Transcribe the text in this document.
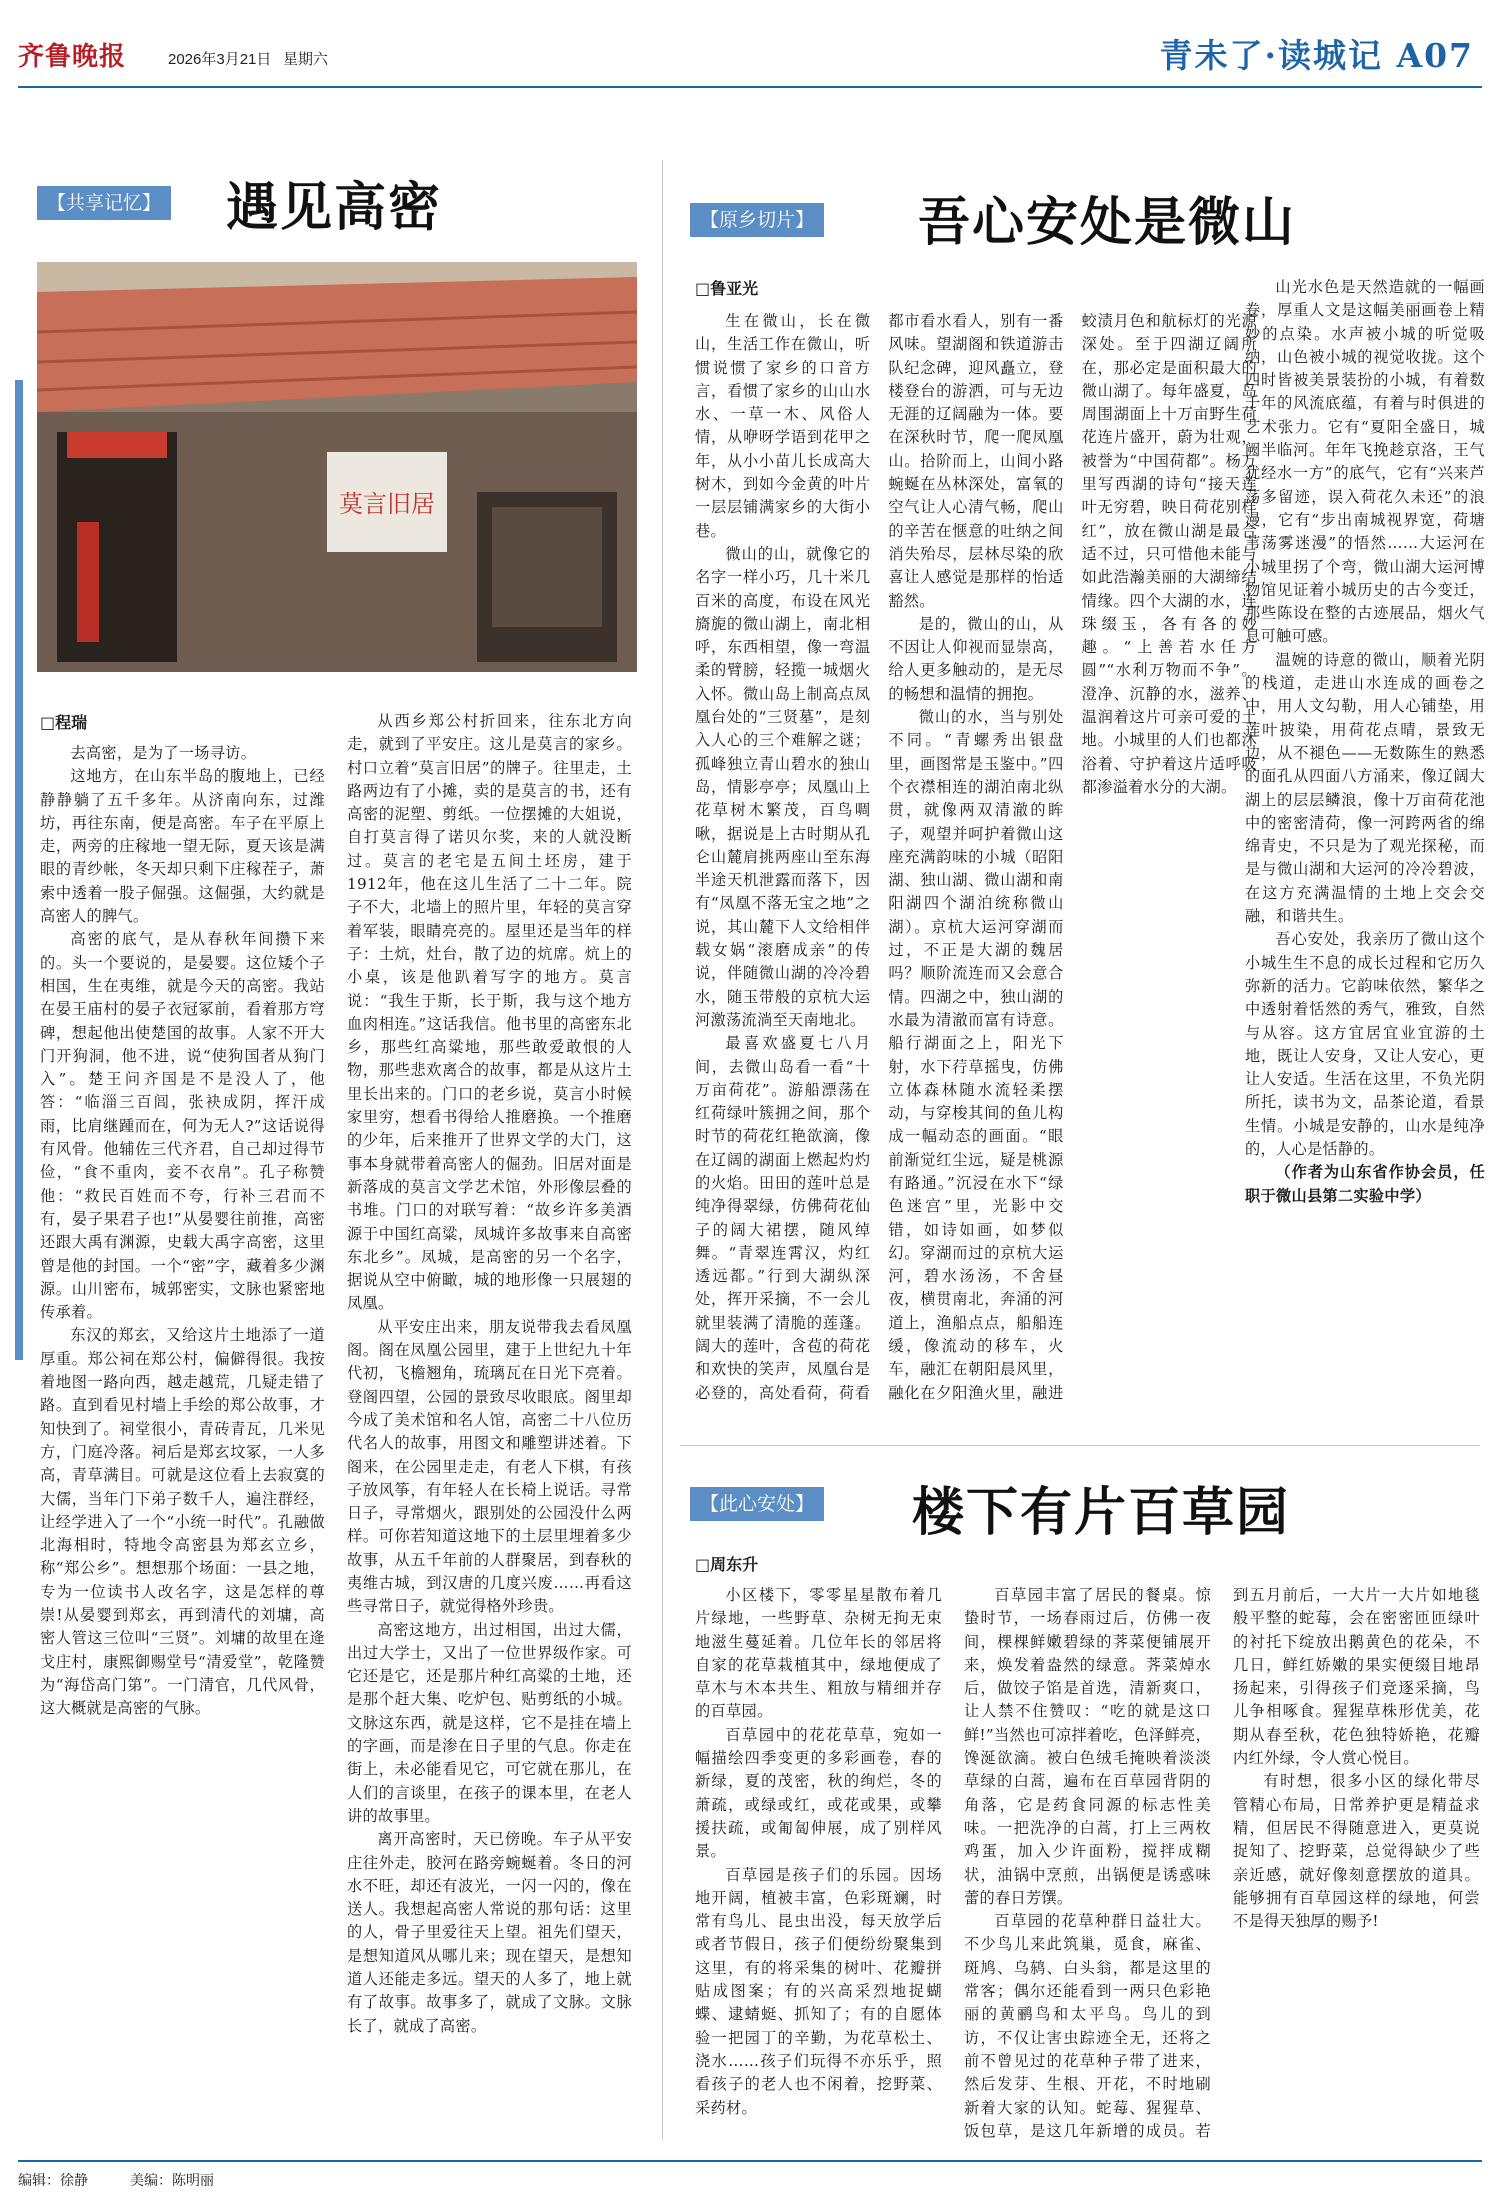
齐鲁晚报	2026年3月21日 星期六	青未了·读城记 A07
【共享记忆】 遇见高密
莫言旧居
□程瑞

去高密，是为了一场寻访。

这地方，在山东半岛的腹地上，已经静静躺了五千多年。从济南向东，过潍坊，再往东南，便是高密。车子在平原上走，两旁的庄稼地一望无际，夏天该是满眼的青纱帐，冬天却只剩下庄稼茬子，萧索中透着一股子倔强。这倔强，大约就是高密人的脾气。

高密的底气，是从春秋年间攒下来的。头一个要说的，是晏婴。这位矮个子相国，生在夷维，就是今天的高密。我站在晏王庙村的晏子衣冠冢前，看着那方穹碑，想起他出使楚国的故事。人家不开大门开狗洞，他不进，说“使狗国者从狗门入”。楚王问齐国是不是没人了，他答：“临淄三百闾，张袂成阴，挥汗成雨，比肩继踵而在，何为无人?”这话说得有风骨。他辅佐三代齐君，自己却过得节俭，“食不重肉，妾不衣帛”。孔子称赞他：“救民百姓而不夸，行补三君而不有，晏子果君子也!”从晏婴往前推，高密还跟大禹有渊源，史载大禹字高密，这里曾是他的封国。一个“密”字，藏着多少渊源。山川密布，城郭密实，文脉也紧密地传承着。

东汉的郑玄，又给这片土地添了一道厚重。郑公祠在郑公村，偏僻得很。我按着地图一路向西，越走越荒，几疑走错了路。直到看见村墙上手绘的郑公故事，才知快到了。祠堂很小，青砖青瓦，几米见方，门庭冷落。祠后是郑玄坟冢，一人多高，青草满目。可就是这位看上去寂寞的大儒，当年门下弟子数千人，遍注群经，让经学进入了一个“小统一时代”。孔融做北海相时，特地令高密县为郑玄立乡，称“郑公乡”。想想那个场面：一县之地，专为一位读书人改名字，这是怎样的尊崇!从晏婴到郑玄，再到清代的刘墉，高密人管这三位叫“三贤”。刘墉的故里在逄戈庄村，康熙御赐堂号“清爱堂”，乾隆赞为“海岱高门第”。一门清官，几代风骨，这大概就是高密的气脉。

从西乡郑公村折回来，往东北方向走，就到了平安庄。这儿是莫言的家乡。村口立着“莫言旧居”的牌子。往里走，土路两边有了小摊，卖的是莫言的书，还有高密的泥塑、剪纸。一位摆摊的大姐说，自打莫言得了诺贝尔奖，来的人就没断过。莫言的老宅是五间土坯房，建于1912年，他在这儿生活了二十二年。院子不大，北墙上的照片里，年轻的莫言穿着军装，眼睛亮亮的。屋里还是当年的样子：土炕，灶台，散了边的炕席。炕上的小桌，该是他趴着写字的地方。莫言说：“我生于斯，长于斯，我与这个地方血肉相连。”这话我信。他书里的高密东北乡，那些红高粱地，那些敢爱敢恨的人物，那些悲欢离合的故事，都是从这片土里长出来的。门口的老乡说，莫言小时候家里穷，想看书得给人推磨换。一个推磨的少年，后来推开了世界文学的大门，这事本身就带着高密人的倔劲。旧居对面是新落成的莫言文学艺术馆，外形像层叠的书堆。门口的对联写着：“故乡许多美酒源于中国红高粱，凤城许多故事来自高密东北乡”。凤城，是高密的另一个名字，据说从空中俯瞰，城的地形像一只展翅的凤凰。

从平安庄出来，朋友说带我去看凤凰阁。阁在凤凰公园里，建于上世纪九十年代初，飞檐翘角，琉璃瓦在日光下亮着。登阁四望，公园的景致尽收眼底。阁里却今成了美术馆和名人馆，高密二十八位历代名人的故事，用图文和雕塑讲述着。下阁来，在公园里走走，有老人下棋，有孩子放风筝，有年轻人在长椅上说话。寻常日子，寻常烟火，跟别处的公园没什么两样。可你若知道这地下的土层里埋着多少故事，从五千年前的人群聚居，到春秋的夷维古城，到汉唐的几度兴废……再看这些寻常日子，就觉得格外珍贵。

高密这地方，出过相国，出过大儒，出过大学士，又出了一位世界级作家。可它还是它，还是那片种红高粱的土地，还是那个赶大集、吃炉包、贴剪纸的小城。文脉这东西，就是这样，它不是挂在墙上的字画，而是渗在日子里的气息。你走在街上，未必能看见它，可它就在那儿，在人们的言谈里，在孩子的课本里，在老人讲的故事里。

离开高密时，天已傍晚。车子从平安庄往外走，胶河在路旁蜿蜒着。冬日的河水不旺，却还有波光，一闪一闪的，像在送人。我想起高密人常说的那句话：这里的人，骨子里爱往天上望。祖先们望天，是想知道风从哪儿来；现在望天，是想知道人还能走多远。望天的人多了，地上就有了故事。故事多了，就成了文脉。文脉长了，就成了高密。

【原乡切片】 吾心安处是微山
□鲁亚光

生在微山，长在微山，生活工作在微山，听惯说惯了家乡的口音方言，看惯了家乡的山山水水、一草一木、风俗人情，从咿呀学语到花甲之年，从小小苗儿长成高大树木，到如今金黄的叶片一层层铺满家乡的大街小巷。

微山的山，就像它的名字一样小巧，几十米几百米的高度，布设在风光旖旎的微山湖上，南北相呼，东西相望，像一弯温柔的臂膀，轻揽一城烟火入怀。微山岛上制高点凤凰台处的“三贤墓”，是刻入人心的三个难解之谜；孤峰独立青山碧水的独山岛，情影亭亭；凤凰山上花草树木繁茂，百鸟啁啾，据说是上古时期从孔仑山麓肩挑两座山至东海半途天机泄露而落下，因有“凤凰不落无宝之地”之说，其山麓下人文给相伴载女娲“滚磨成亲”的传说，伴随微山湖的冷冷碧水，随玉带般的京杭大运河激荡流淌至天南地北。

最喜欢盛夏七八月间，去微山岛看一看“十万亩荷花”。游船漂荡在红荷绿叶簇拥之间，那个时节的荷花红艳欲滴，像在辽阔的湖面上燃起灼灼的火焰。田田的莲叶总是纯净得翠绿，仿佛荷花仙子的阔大裙摆，随风绰舞。“青翠连霄汉，灼红透远都。”行到大湖纵深处，挥开采摘，不一会儿就里装满了清脆的莲蓬。阔大的莲叶，含苞的荷花和欢快的笑声，凤凰台是必登的，高处看荷，荷看都市看水看人，别有一番风味。望湖阁和铁道游击队纪念碑，迎风矗立，登楼登台的游洒，可与无边无涯的辽阔融为一体。要在深秋时节，爬一爬凤凰山。拾阶而上，山间小路蜿蜒在丛林深处，富氧的空气让人心清气畅，爬山的辛苦在惬意的吐纳之间消失殆尽，层林尽染的欣喜让人感觉是那样的怡适豁然。

是的，微山的山，从不因让人仰视而显崇高，给人更多触动的，是无尽的畅想和温情的拥抱。

微山的水，当与别处不同。“青螺秀出银盘里，画图常是玉鉴中。”四个衣襟相连的湖泊南北纵贯，就像两双清澈的眸子，观望并呵护着微山这座充满韵味的小城（昭阳湖、独山湖、微山湖和南阳湖四个湖泊统称微山湖）。京杭大运河穿湖而过，不正是大湖的魏居吗？顺阶流连而又会意合情。四湖之中，独山湖的水最为清澈而富有诗意。船行湖面之上，阳光下射，水下荇草摇曳，仿佛立体森林随水流轻柔摆动，与穿梭其间的鱼儿构成一幅动态的画面。“眼前渐觉红尘远，疑是桃源有路通。”沉浸在水下“绿色迷宫”里，光影中交错，如诗如画，如梦似幻。穿湖而过的京杭大运河，碧水汤汤，不舍昼夜，横贯南北，奔涌的河道上，渔船点点，船船连缓，像流动的移车，火车，融汇在朝阳晨风里，融化在夕阳渔火里，融进蛟渍月色和航标灯的光源深处。至于四湖辽阔所在，那必定是面积最大的微山湖了。每年盛夏，岛周围湖面上十万亩野生荷花连片盛开，蔚为壮观，被誉为“中国荷都”。杨万里写西湖的诗句“接天莲叶无穷碧，映日荷花别样红”，放在微山湖是最合适不过，只可惜他未能与如此浩瀚美丽的大湖缔结情缘。四个大湖的水，连珠缀玉，各有各的妙趣。“上善若水任方圆”“水利万物而不争”。澄净、沉静的水，滋养、温润着这片可亲可爱的土地。小城里的人们也都沐浴着、守护着这片适呼吸都渗溢着水分的大湖。

山光水色是天然造就的一幅画卷，厚重人文是这幅美丽画卷上精妙的点染。水声被小城的听觉吸纳，山色被小城的视觉收拢。这个四时皆被美景装扮的小城，有着数千年的风流底蕴，有着与时俱进的艺术张力。它有“夏阳全盛日，城阙半临河。年年飞挽趁京洛，王气犹经水一方”的底气，它有“兴来芦荡多留迹，误入荷花久未还”的浪漫，它有“步出南城视界宽，荷塘苇荡雾迷漫”的悟然……大运河在小城里拐了个弯，微山湖大运河博物馆见证着小城历史的古今变迁，那些陈设在整的古迹展品，烟火气息可触可感。

温婉的诗意的微山，顺着光阴的栈道，走进山水连成的画卷之中，用人文勾勒，用人心铺垫，用莲叶披染，用荷花点晴，景致无边，从不褪色——无数陈生的熟悉的面孔从四面八方涌来，像辽阔大湖上的层层鳞浪，像十万亩荷花池中的密密清荷，像一河跨两省的绵绵青史，不只是为了观光探秘，而是与微山湖和大运河的冷冷碧波，在这方充满温情的土地上交会交融，和谐共生。

吾心安处，我亲历了微山这个小城生生不息的成长过程和它历久弥新的活力。它韵味依然，繁华之中透射着恬然的秀气，雅致，自然与从容。这方宜居宜业宜游的土地，既让人安身，又让人安心，更让人安适。生活在这里，不负光阴所托，读书为文，品茶论道，看景生情。小城是安静的，山水是纯净的，人心是恬静的。

（作者为山东省作协会员，任职于微山县第二实验中学）

【此心安处】 楼下有片百草园
□周东升

小区楼下，零零星星散布着几片绿地，一些野草、杂树无拘无束地滋生蔓延着。几位年长的邻居将自家的花草栽植其中，绿地便成了草木与木本共生、粗放与精细并存的百草园。

百草园中的花花草草，宛如一幅描绘四季变更的多彩画卷，春的新绿，夏的茂密，秋的绚烂，冬的萧疏，或绿或红，或花或果，或攀援扶疏，或匍匐伸展，成了别样风景。

百草园是孩子们的乐园。因场地开阔，植被丰富，色彩斑斓，时常有鸟儿、昆虫出没，每天放学后或者节假日，孩子们便纷纷聚集到这里，有的将采集的树叶、花瓣拼贴成图案；有的兴高采烈地捉蝴蝶、逮蜻蜓、抓知了；有的自愿体验一把园丁的辛勤，为花草松土、浇水……孩子们玩得不亦乐乎，照看孩子的老人也不闲着，挖野菜、采药材。

百草园丰富了居民的餐桌。惊蛰时节，一场春雨过后，仿佛一夜间，棵棵鲜嫩碧绿的荠菜便铺展开来，焕发着盎然的绿意。荠菜焯水后，做饺子馅是首选，清新爽口，让人禁不住赞叹：“吃的就是这口鲜!”当然也可凉拌着吃，色泽鲜亮，馋涎欲滴。被白色绒毛掩映着淡淡草绿的白蒿，遍布在百草园背阴的角落，它是药食同源的标志性美味。一把洗净的白蒿，打上三两枚鸡蛋，加入少许面粉，搅拌成糊状，油锅中烹煎，出锅便是诱惑味蕾的春日芳馔。

百草园的花草种群日益壮大。不少鸟儿来此筑巢，觅食，麻雀、斑鸠、乌鸫、白头翁，都是这里的常客；偶尔还能看到一两只色彩艳丽的黄鹂鸟和太平鸟。鸟儿的到访，不仅让害虫踪迹全无，还将之前不曾见过的花草种子带了进来，然后发芽、生根、开花，不时地刷新着大家的认知。蛇莓、猩猩草、饭包草，是这几年新增的成员。若到五月前后，一大片一大片如地毯般平整的蛇莓，会在密密匝匝绿叶的衬托下绽放出鹅黄色的花朵，不几日，鲜红娇嫩的果实便缀目地昂扬起来，引得孩子们竞逐采摘，鸟儿争相啄食。猩猩草株形优美，花期从春至秋，花色独特娇艳，花瓣内红外绿，令人赏心悦目。

有时想，很多小区的绿化带尽管精心布局，日常养护更是精益求精，但居民不得随意进入，更莫说捉知了、挖野菜，总觉得缺少了些亲近感，就好像刻意摆放的道具。能够拥有百草园这样的绿地，何尝不是得天独厚的赐予!

编辑：徐静	美编：陈明丽
